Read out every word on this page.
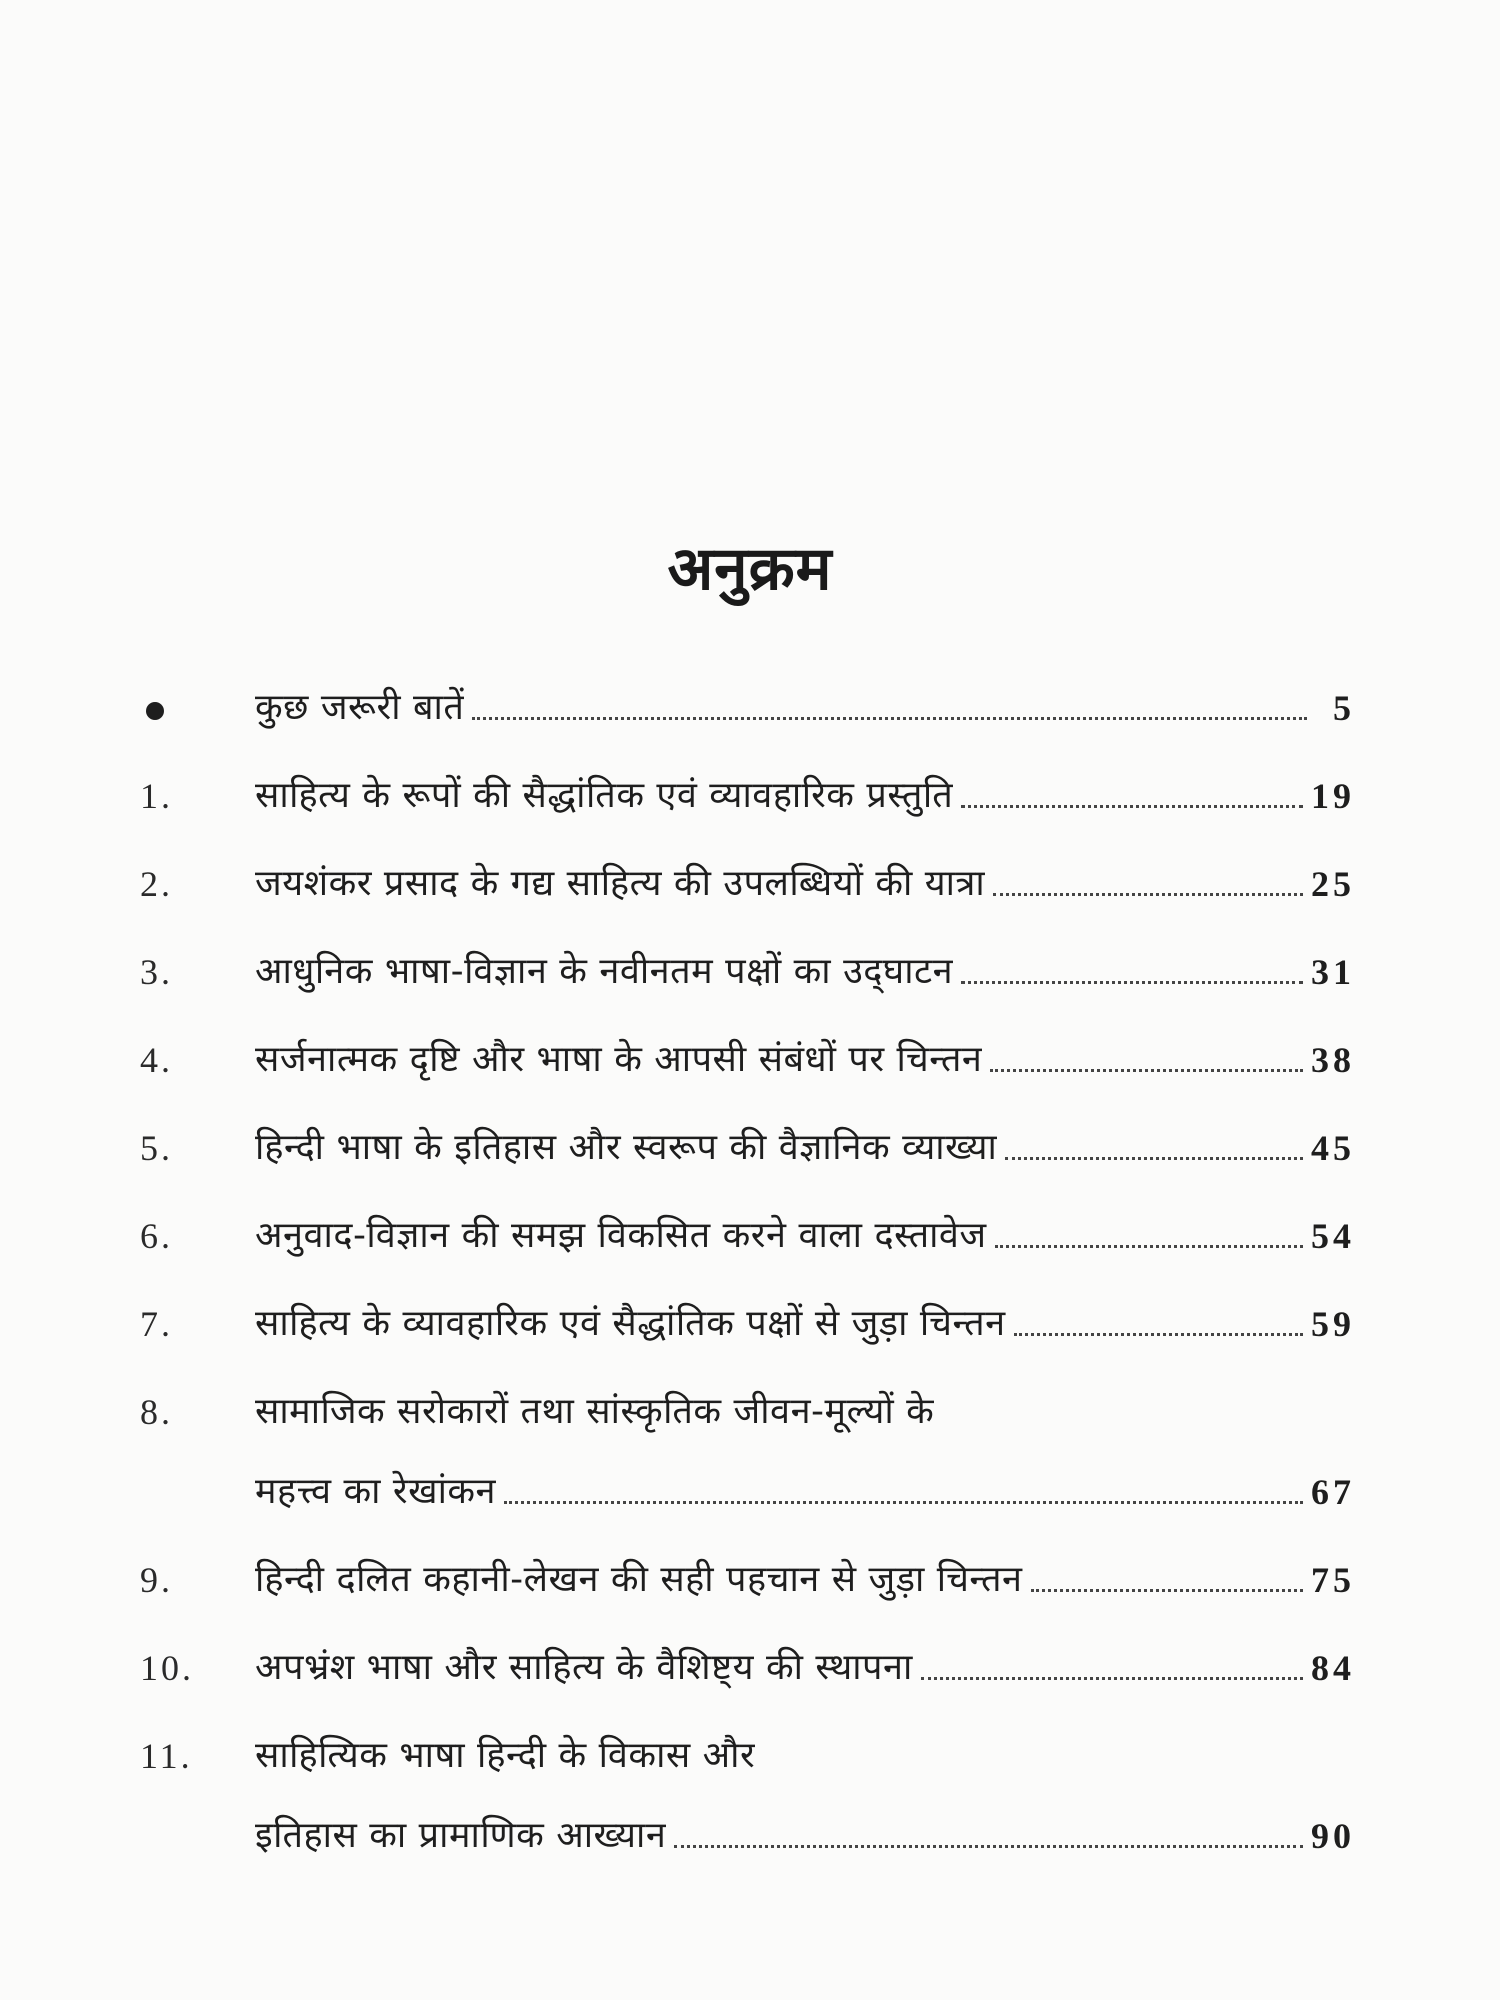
अनुक्रम
कुछ जरूरी बातें	5
1.	साहित्य के रूपों की सैद्धांतिक एवं व्यावहारिक प्रस्तुति	19
2.	जयशंकर प्रसाद के गद्य साहित्य की उपलब्धियों की यात्रा	25
3.	आधुनिक भाषा-विज्ञान के नवीनतम पक्षों का उद्‌घाटन	31
4.	सर्जनात्मक दृष्टि और भाषा के आपसी संबंधों पर चिन्तन	38
5.	हिन्दी भाषा के इतिहास और स्वरूप की वैज्ञानिक व्याख्या	45
6.	अनुवाद-विज्ञान की समझ विकसित करने वाला दस्तावेज	54
7.	साहित्य के व्यावहारिक एवं सैद्धांतिक पक्षों से जुड़ा चिन्तन	59
8.	सामाजिक सरोकारों तथा सांस्कृतिक जीवन-मूल्यों के
महत्त्व का रेखांकन	67
9.	हिन्दी दलित कहानी-लेखन की सही पहचान से जुड़ा चिन्तन	75
10.	अपभ्रंश भाषा और साहित्य के वैशिष्ट्य की स्थापना	84
11.	साहित्यिक भाषा हिन्दी के विकास और
इतिहास का प्रामाणिक आख्यान	90
